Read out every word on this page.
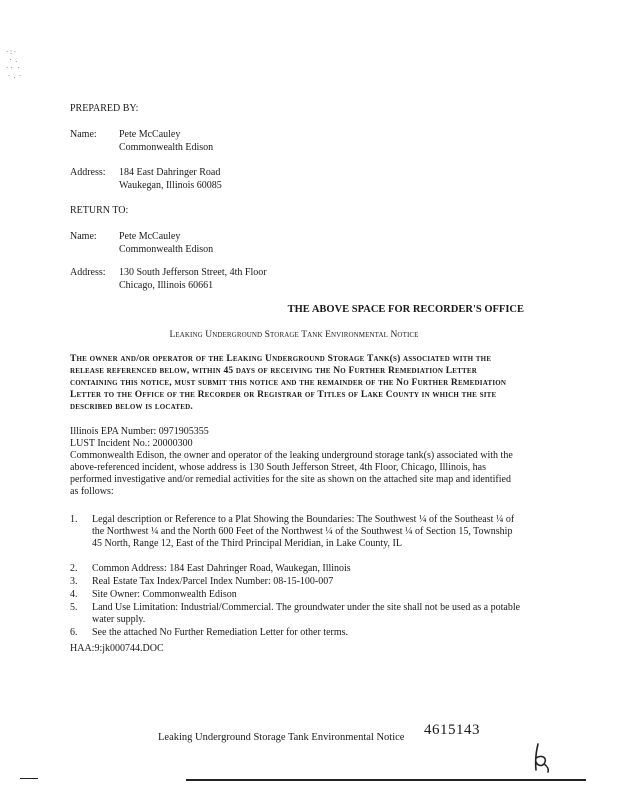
· : ·
·  .
· ·   ·
·  .  ·
PREPARED BY:
Name: Pete McCauley
Commonwealth Edison
Address: 184 East Dahringer Road
Waukegan, Illinois 60085
RETURN TO:
Name: Pete McCauley
Commonwealth Edison
Address: 130 South Jefferson Street, 4th Floor
Chicago, Illinois 60661
THE ABOVE SPACE FOR RECORDER'S OFFICE
Leaking Underground Storage Tank Environmental Notice
The owner and/or operator of the Leaking Underground Storage Tank(s) associated with the release referenced below, within 45 days of receiving the No Further Remediation Letter containing this notice, must submit this notice and the remainder of the No Further Remediation Letter to the Office of the Recorder or Registrar of Titles of Lake County in which the site described below is located.
Illinois EPA Number: 0971905355
LUST Incident No.: 20000300
Commonwealth Edison, the owner and operator of the leaking underground storage tank(s) associated with the above-referenced incident, whose address is 130 South Jefferson Street, 4th Floor, Chicago, Illinois, has performed investigative and/or remedial activities for the site as shown on the attached site map and identified as follows:
1. Legal description or Reference to a Plat Showing the Boundaries: The Southwest ¼ of the Southeast ¼ of the Northwest ¼ and the North 600 Feet of the Northwest ¼ of the Southwest ¼ of Section 15, Township 45 North, Range 12, East of the Third Principal Meridian, in Lake County, IL
2. Common Address: 184 East Dahringer Road, Waukegan, Illinois
3. Real Estate Tax Index/Parcel Index Number: 08-15-100-007
4. Site Owner: Commonwealth Edison
5. Land Use Limitation: Industrial/Commercial. The groundwater under the site shall not be used as a potable water supply.
6. See the attached No Further Remediation Letter for other terms.
HAA:9:jk000744.DOC
Leaking Underground Storage Tank Environmental Notice 4615143
